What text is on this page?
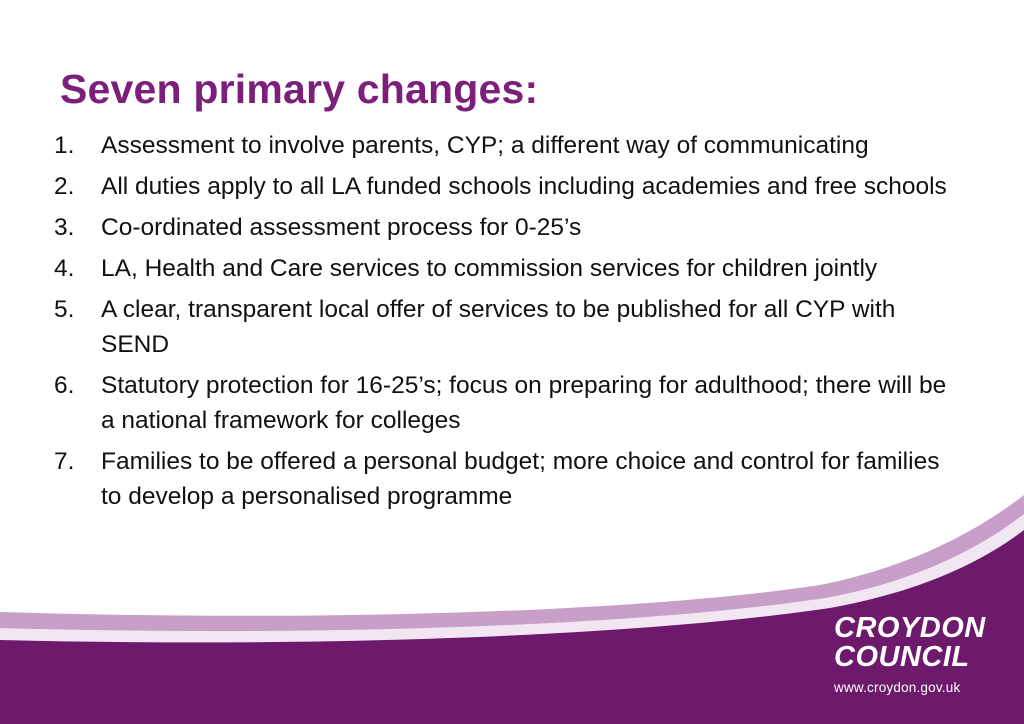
Seven primary changes:
1. Assessment to involve parents, CYP; a different way of communicating
2. All duties apply to all LA funded schools including academies and free schools
3. Co-ordinated assessment process for 0-25’s
4. LA, Health and Care services to commission services for children jointly
5. A clear, transparent local offer of services to be published for all CYP with SEND
6. Statutory protection for 16-25’s; focus on preparing for adulthood; there will be a national framework for colleges
7. Families to be offered a personal budget; more choice and control for families to develop a personalised programme
CROYDON
COUNCIL
www.croydon.gov.uk
